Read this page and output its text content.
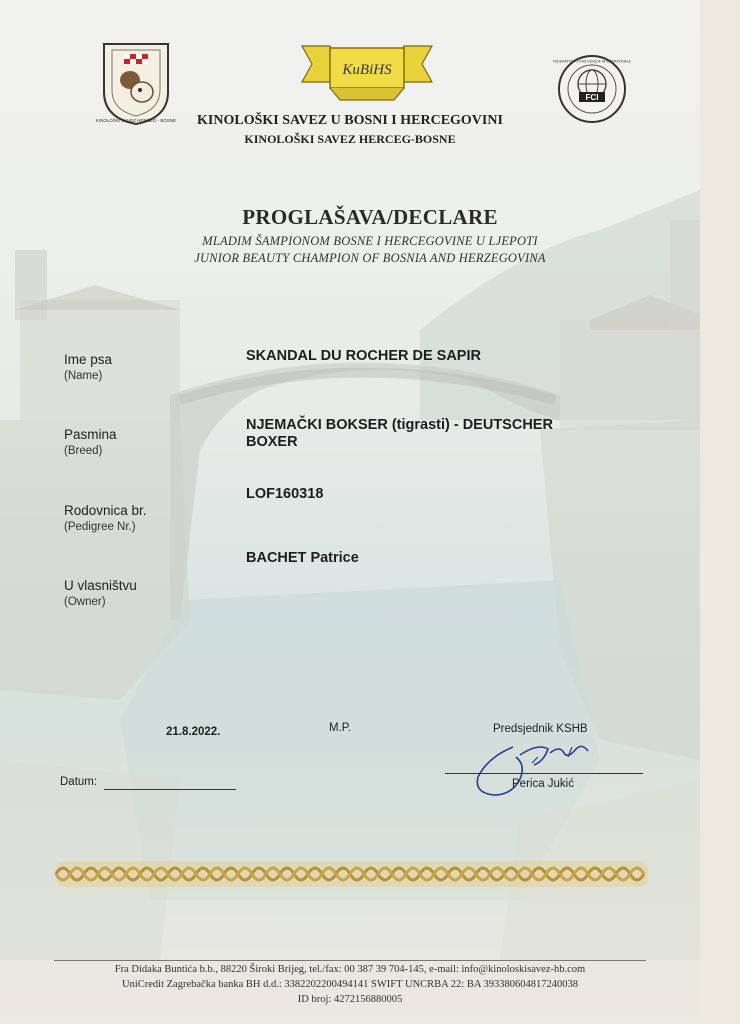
KINOLOŠKI SAVEZ HERCEG - BOSNE
KuBiHS
FCI
FEDERATION CYNOLOGIQUE INTERNATIONALE
KINOLOŠKI SAVEZ U BOSNI I HERCEGOVINI
KINOLOŠKI SAVEZ HERCEG-BOSNE
PROGLAŠAVA/DECLARE
MLADIM ŠAMPIONOM BOSNE I HERCEGOVINE U LJEPOTI
JUNIOR BEAUTY CHAMPION OF BOSNIA AND HERZEGOVINA
Ime psa
(Name)
SKANDAL DU ROCHER DE SAPIR
Pasmina
(Breed)
NJEMAČKI BOKSER (tigrasti) - DEUTSCHER
BOXER
Rodovnica br.
(Pedigree Nr.)
LOF160318
U vlasništvu
(Owner)
BACHET Patrice
21.8.2022.
Datum:
M.P.	Predsjednik KSHB
Perica Jukić
Fra Didaka Buntića b.b., 88220 Široki Brijeg, tel./fax: 00 387 39 704-145, e-mail: info@kinoloskisavez-hb.com
UniCredit Zagrebačka banka BH d.d.: 3382202200494141 SWIFT UNCRBA 22: BA 393380604817240038
ID broj: 4272156880005
